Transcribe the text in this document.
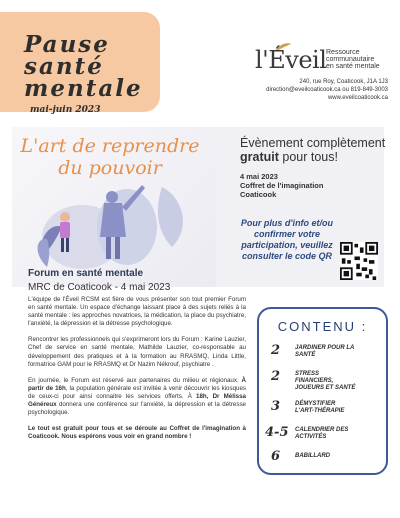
Pause
santé
mentale
mai-juin 2023
l'Éveil Ressource
communautaire
en santé mentale
240, rue Roy, Coaticook, J1A 1J3
direction@eveilcoaticook.ca ou 819-849-3003
www.eveilcoaticook.ca
L'art de reprendre
du pouvoir
Évènement complètement
gratuit pour tous!
4 mai 2023
Coffret de l'imagination
Coaticook
Pour plus d'info et/ou
confirmer votre
participation, veuillez
consulter le code QR
Forum en santé mentale
MRC de Coaticook - 4 mai 2023

L'équipe de l'Éveil RCSM est fière de vous présenter son tout premier Forum en santé mentale. Un espace d'échange laissant place à des sujets reliés à la santé mentale : les approches novatrices, la médication, la place du psychiatre, l'anxiété, la dépression et la détresse psychologique.

Rencontrer les professionnels qui s'exprimeront lors du Forum : Karine Lauzier, Chef de service en santé mentale, Mathilde Lauzier, co-responsable au développement des pratiques et à la formation au RRASMQ, Linda Little, formatrice GAM pour le RRASMQ et Dr Nazim Nékrouf, psychiatre .

En journée, le Forum est réservé aux partenaires du milieu et régionaux. À partir de 16h, la population générale est invitée à venir découvrir les kiosques de ceux-ci pour ainsi connaitre les services offerts. À 18h, Dr Mélissa Généreux donnera une conférence sur l'anxiété, la dépression et la détresse psychologique.

Le tout est gratuit pour tous et se déroule au Coffret de l'imagination à Coaticook. Nous espérons vous voir en grand nombre !

CONTENU :
2 JARDINER POUR LA
SANTÉ
2 STRESS
FINANCIERS,
JOUEURS ET SANTÉ
3 DÉMYSTIFIER
L'ART-THÉRAPIE
4-5 CALENDRIER DES
ACTIVITÉS
6 BABILLARD
